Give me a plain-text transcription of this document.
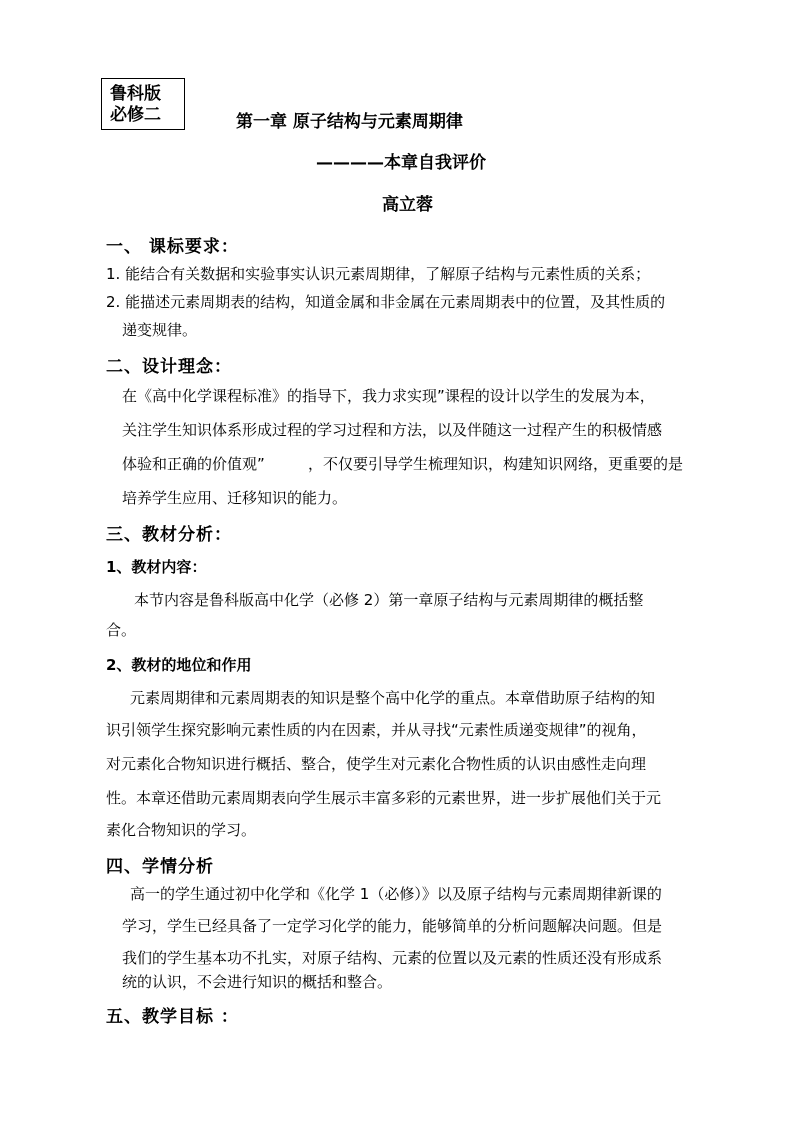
鲁科版
必修二	第一章 原子结构与元素周期律
————本章自我评价
高立蓉
一、 课标要求：
1. 能结合有关数据和实验事实认识元素周期律，了解原子结构与元素性质的关系；
2. 能描述元素周期表的结构，知道金属和非金属在元素周期表中的位置，及其性质的
递变规律。
二、设计理念：
在《高中化学课程标准》的指导下，我力求实现”课程的设计以学生的发展为本，
关注学生知识体系形成过程的学习过程和方法，以及伴随这一过程产生的积极情感
体验和正确的价值观”	，不仅要引导学生梳理知识，构建知识网络，更重要的是
培养学生应用、迁移知识的能力。
三、教材分析：
1、教材内容：
本节内容是鲁科版高中化学（必修 2）第一章原子结构与元素周期律的概括整
合。
2、教材的地位和作用
元素周期律和元素周期表的知识是整个高中化学的重点。本章借助原子结构的知
识引领学生探究影响元素性质的内在因素，并从寻找“元素性质递变规律”的视角，
对元素化合物知识进行概括、整合，使学生对元素化合物性质的认识由感性走向理
性。本章还借助元素周期表向学生展示丰富多彩的元素世界，进一步扩展他们关于元
素化合物知识的学习。
四、学情分析
高一的学生通过初中化学和《化学 1（必修）》以及原子结构与元素周期律新课的
学习，学生已经具备了一定学习化学的能力，能够简单的分析问题解决问题。但是
我们的学生基本功不扎实，对原子结构、元素的位置以及元素的性质还没有形成系
统的认识，不会进行知识的概括和整合。
五、教学目标 ：
